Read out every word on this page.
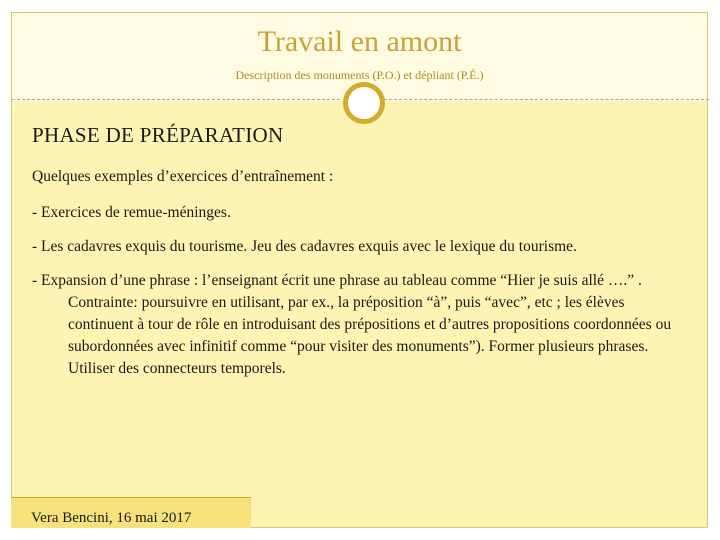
Travail en amont
Description des monuments (P.O.) et dépliant (P.É.)
PHASE DE PRÉPARATION
Quelques exemples d’exercices d’entraînement :
- Exercices de remue-méninges.
- Les cadavres exquis du tourisme. Jeu des cadavres exquis avec le lexique du tourisme.
- Expansion d’une phrase : l’enseignant écrit une phrase au tableau comme “Hier je suis allé ….” . Contrainte: poursuivre en utilisant, par ex., la préposition “à”, puis “avec”, etc ; les élèves continuent à tour de rôle en introduisant des prépositions et d’autres propositions coordonnées ou subordonnées avec infinitif comme “pour visiter des monuments”). Former plusieurs phrases. Utiliser des connecteurs temporels.
Vera Bencini, 16 mai 2017
